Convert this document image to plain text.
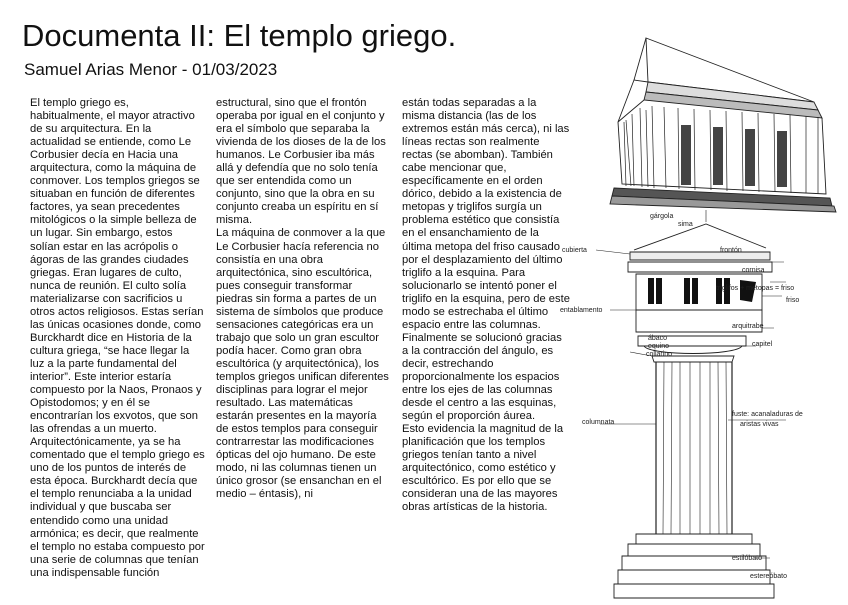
Documenta II: El templo griego.
Samuel Arias Menor - 01/03/2023
El templo griego es, habitualmente, el mayor atractivo de su arquitectura. En la actualidad se entiende, como Le Corbusier decía en Hacia una arquitectura, como la máquina de conmover. Los templos griegos se situaban en función de diferentes factores, ya sean precedentes mitológicos o la simple belleza de un lugar. Sin embargo, estos solían estar en las acrópolis o ágoras de las grandes ciudades griegas. Eran lugares de culto, nunca de reunión. El culto solía materializarse con sacrificios u otros actos religiosos. Estas serían las únicas ocasiones donde, como Burckhardt dice en Historia de la cultura griega, “se hace llegar la luz a la parte fundamental del interior”. Este interior estaría compuesto por la Naos, Pronaos y Opistodomos; y en él se encontrarían los exvotos, que son las ofrendas a un muerto.
Arquitectónicamente, ya se ha comentado que el templo griego es uno de los puntos de interés de esta época. Burckhardt decía que el templo renunciaba a la unidad individual y que buscaba ser entendido como una unidad armónica; es decir, que realmente el templo no estaba compuesto por una serie de columnas que tenían una indispensable función
estructural, sino que el frontón operaba por igual en el conjunto y era el símbolo que separaba la vivienda de los dioses de la de los humanos. Le Corbusier iba más allá y defendía que no solo tenía que ser entendida como un conjunto, sino que la obra en su conjunto creaba un espíritu en sí misma.
La máquina de conmover a la que Le Corbusier hacía referencia no consistía en una obra arquitectónica, sino escultórica, pues conseguir transformar piedras sin forma a partes de un sistema de símbolos que produce sensaciones categóricas era un trabajo que solo un gran escultor podía hacer. Como gran obra escultórica (y arquitectónica), los templos griegos unifican diferentes disciplinas para lograr el mejor resultado. Las matemáticas estarán presentes en la mayoría de estos templos para conseguir contrarrestar las modificaciones ópticas del ojo humano. De este modo, ni las columnas tienen un único grosor (se ensanchan en el medio – éntasis), ni
están todas separadas a la misma distancia (las de los extremos están más cerca), ni las líneas rectas son realmente rectas (se abomban). También cabe mencionar que, específicamente en el orden dórico, debido a la existencia de metopas y triglifos surgía un problema estético que consistía en el ensanchamiento de la última metopa del friso causado por el desplazamiento del último triglifo a la esquina. Para solucionarlo se intentó poner el triglifo en la esquina, pero de este modo se estrechaba el último espacio entre las columnas. Finalmente se solucionó gracias a la contracción del ángulo, es decir, estrechando proporcionalmente los espacios entre los ejes de las columnas desde el centro a las esquinas, según el proporción áurea.
Esto evidencia la magnitud de la planificación que los templos griegos tenían tanto a nivel arquitectónico, como estético y escultórico. Es por ello que se consideran una de las mayores obras artísticas de la historia.
gárgola
sima
cubierta	frontón
cornisa
triglifos + metopas = friso
friso
entablamento
arquitrabe
ábaco
equino
collarino
capitel
columnata
fuste: acanaladuras de
aristas vivas
estilóbato
estereóbato
